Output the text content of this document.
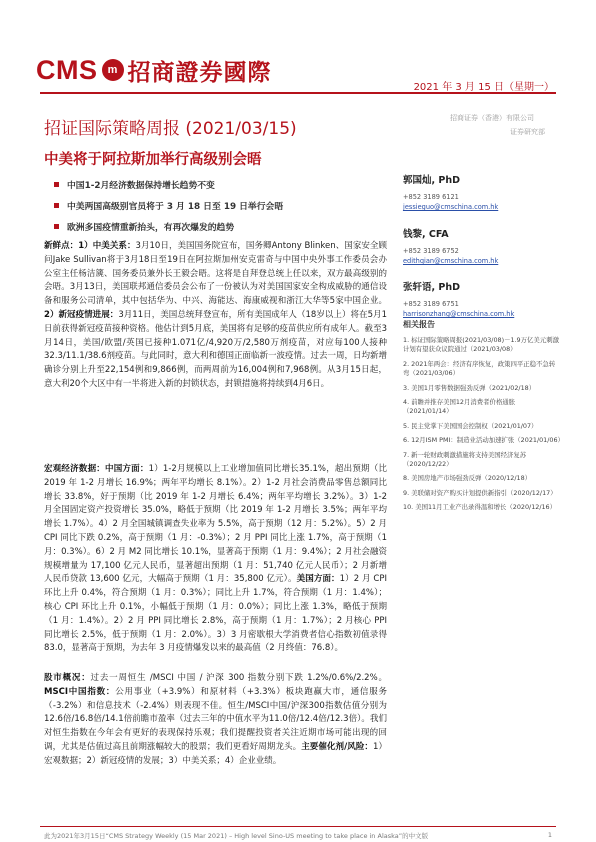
CMS m 招商證券國際
2021 年 3 月 15 日（星期一）
招证国际策略周报 (2021/03/15)
招商证券（香港）有限公司
证券研究部
中美将于阿拉斯加举行高级别会晤
中国1-2月经济数据保持增长趋势不变
中美两国高级别官员将于 3 月 18 日至 19 日举行会晤
欧洲多国疫情重新抬头，有再次爆发的趋势
新鲜点：1）中美关系：3月10日，美国国务院宣布，国务卿Antony Blinken、国家安全顾问Jake Sullivan将于3月18日至19日在阿拉斯加州安克雷奇与中国中央外事工作委员会办公室主任杨洁篪、国务委员兼外长王毅会晤。这将是自拜登总统上任以来，双方最高级别的会晤。3月13日，美国联邦通信委员会公布了一份被认为对美国国家安全构成威胁的通信设备和服务公司清单，其中包括华为、中兴、海能达、海康威视和浙江大华等5家中国企业。2）新冠疫情进展：3月11日，美国总统拜登宣布，所有美国成年人（18岁以上）将在5月1日前获得新冠疫苗接种资格。他估计到5月底，美国将有足够的疫苗供应所有成年人。截至3月14日，美国/欧盟/英国已接种1.071亿/4,920万/2,580万剂疫苗，对应每100人接种32.3/11.1/38.6剂疫苗。与此同时，意大利和德国正面临新一波疫情。过去一周，日均新增确诊分别上升至22,154例和9,866例，而两周前为16,004例和7,968例。从3月15日起，意大利20个大区中有一半将进入新的封锁状态，封锁措施将持续到4月6日。
宏观经济数据：中国方面：1）1-2月规模以上工业增加值同比增长35.1%，超出预期（比 2019 年 1-2 月增长 16.9%；两年平均增长 8.1%）。2）1-2 月社会消费品零售总额同比增长 33.8%，好于预期（比 2019 年 1-2 月增长 6.4%；两年平均增长 3.2%）。3）1-2 月全国固定资产投资增长 35.0%，略低于预期（比 2019 年 1-2 月增长 3.5%；两年平均增长 1.7%）。4）2 月全国城镇调查失业率为 5.5%，高于预期（12 月：5.2%）。5）2 月 CPI 同比下跌 0.2%，高于预期（1 月：-0.3%）；2 月 PPI 同比上涨 1.7%，高于预期（1 月：0.3%）。6）2 月 M2 同比增长 10.1%，显著高于预期（1 月：9.4%）；2 月社会融资规模增量为 17,100 亿元人民币，显著超出预期（1 月：51,740 亿元人民币）；2 月新增人民币贷款 13,600 亿元，大幅高于预期（1 月：35,800 亿元）。美国方面：1）2 月 CPI 环比上升 0.4%，符合预期（1 月：0.3%）；同比上升 1.7%，符合预期（1 月：1.4%）；核心 CPI 环比上升 0.1%，小幅低于预期（1 月：0.0%）；同比上涨 1.3%，略低于预期（1 月：1.4%）。2）2 月 PPI 同比增长 2.8%，高于预期（1 月：1.7%）；2 月核心 PPI 同比增长 2.5%，低于预期（1 月：2.0%）。3）3 月密歇根大学消费者信心指数初值录得 83.0，显著高于预期，为去年 3 月疫情爆发以来的最高值（2 月终值：76.8）。
股市概况：过去一周恒生 /MSCI 中国 / 沪深 300 指数分别下跌 1.2%/0.6%/2.2%。MSCI中国指数：公用事业（+3.9%）和原材料（+3.3%）板块跑赢大市，通信服务（-3.2%）和信息技术（-2.4%）则表现不佳。恒生/MSCI中国/沪深300指数估值分别为12.6倍/16.8倍/14.1倍前瞻市盈率（过去三年的中值水平为11.0倍/12.4倍/12.3倍）。我们对恒生指数在今年会有更好的表现保持乐观；我们提醒投资者关注近期市场可能出现的回调，尤其是估值过高且前期涨幅较大的股票；我们更看好周期龙头。主要催化剂/风险：1）宏观数据；2）新冠疫情的发展；3）中美关系；4）企业业绩。
郭国灿, PhD
+852 3189 6121
jessieguo@cmschina.com.hk
钱黎, CFA
+852 3189 6752
edithqian@cmschina.com.hk
张轩语, PhD
+852 3189 6751
harrisonzhang@cmschina.com.hk
相关报告
1. 标证国际策略周报(2021/03/08)－1.9万亿美元刺激计划有望获众议院通过（2021/03/08）
2. 2021年两会：经济有序恢复，政策四平正稳不急转弯（2021/03/06）
3. 美国1月零售数据强劲反弹（2021/02/18）
4. 前瞻并推存美国12月消费者价格通胀（2021/01/14）
5. 民主党掌下美国国会控制权（2021/01/07）
6. 12月ISM PMI：制造业活动加速扩张（2021/01/06）
7. 新一轮财政刺激措施将支持美国经济复苏（2020/12/22）
8. 美国房地产市场强劲反弹（2020/12/18）
9. 美联储对资产购买计划提供新指引（2020/12/17）
10. 美国11月工业产出录得温和增长（2020/12/16）
此为2021年3月15日“CMS Strategy Weekly (15 Mar 2021) – High level Sino-US meeting to take place in Alaska”的中文版	1
